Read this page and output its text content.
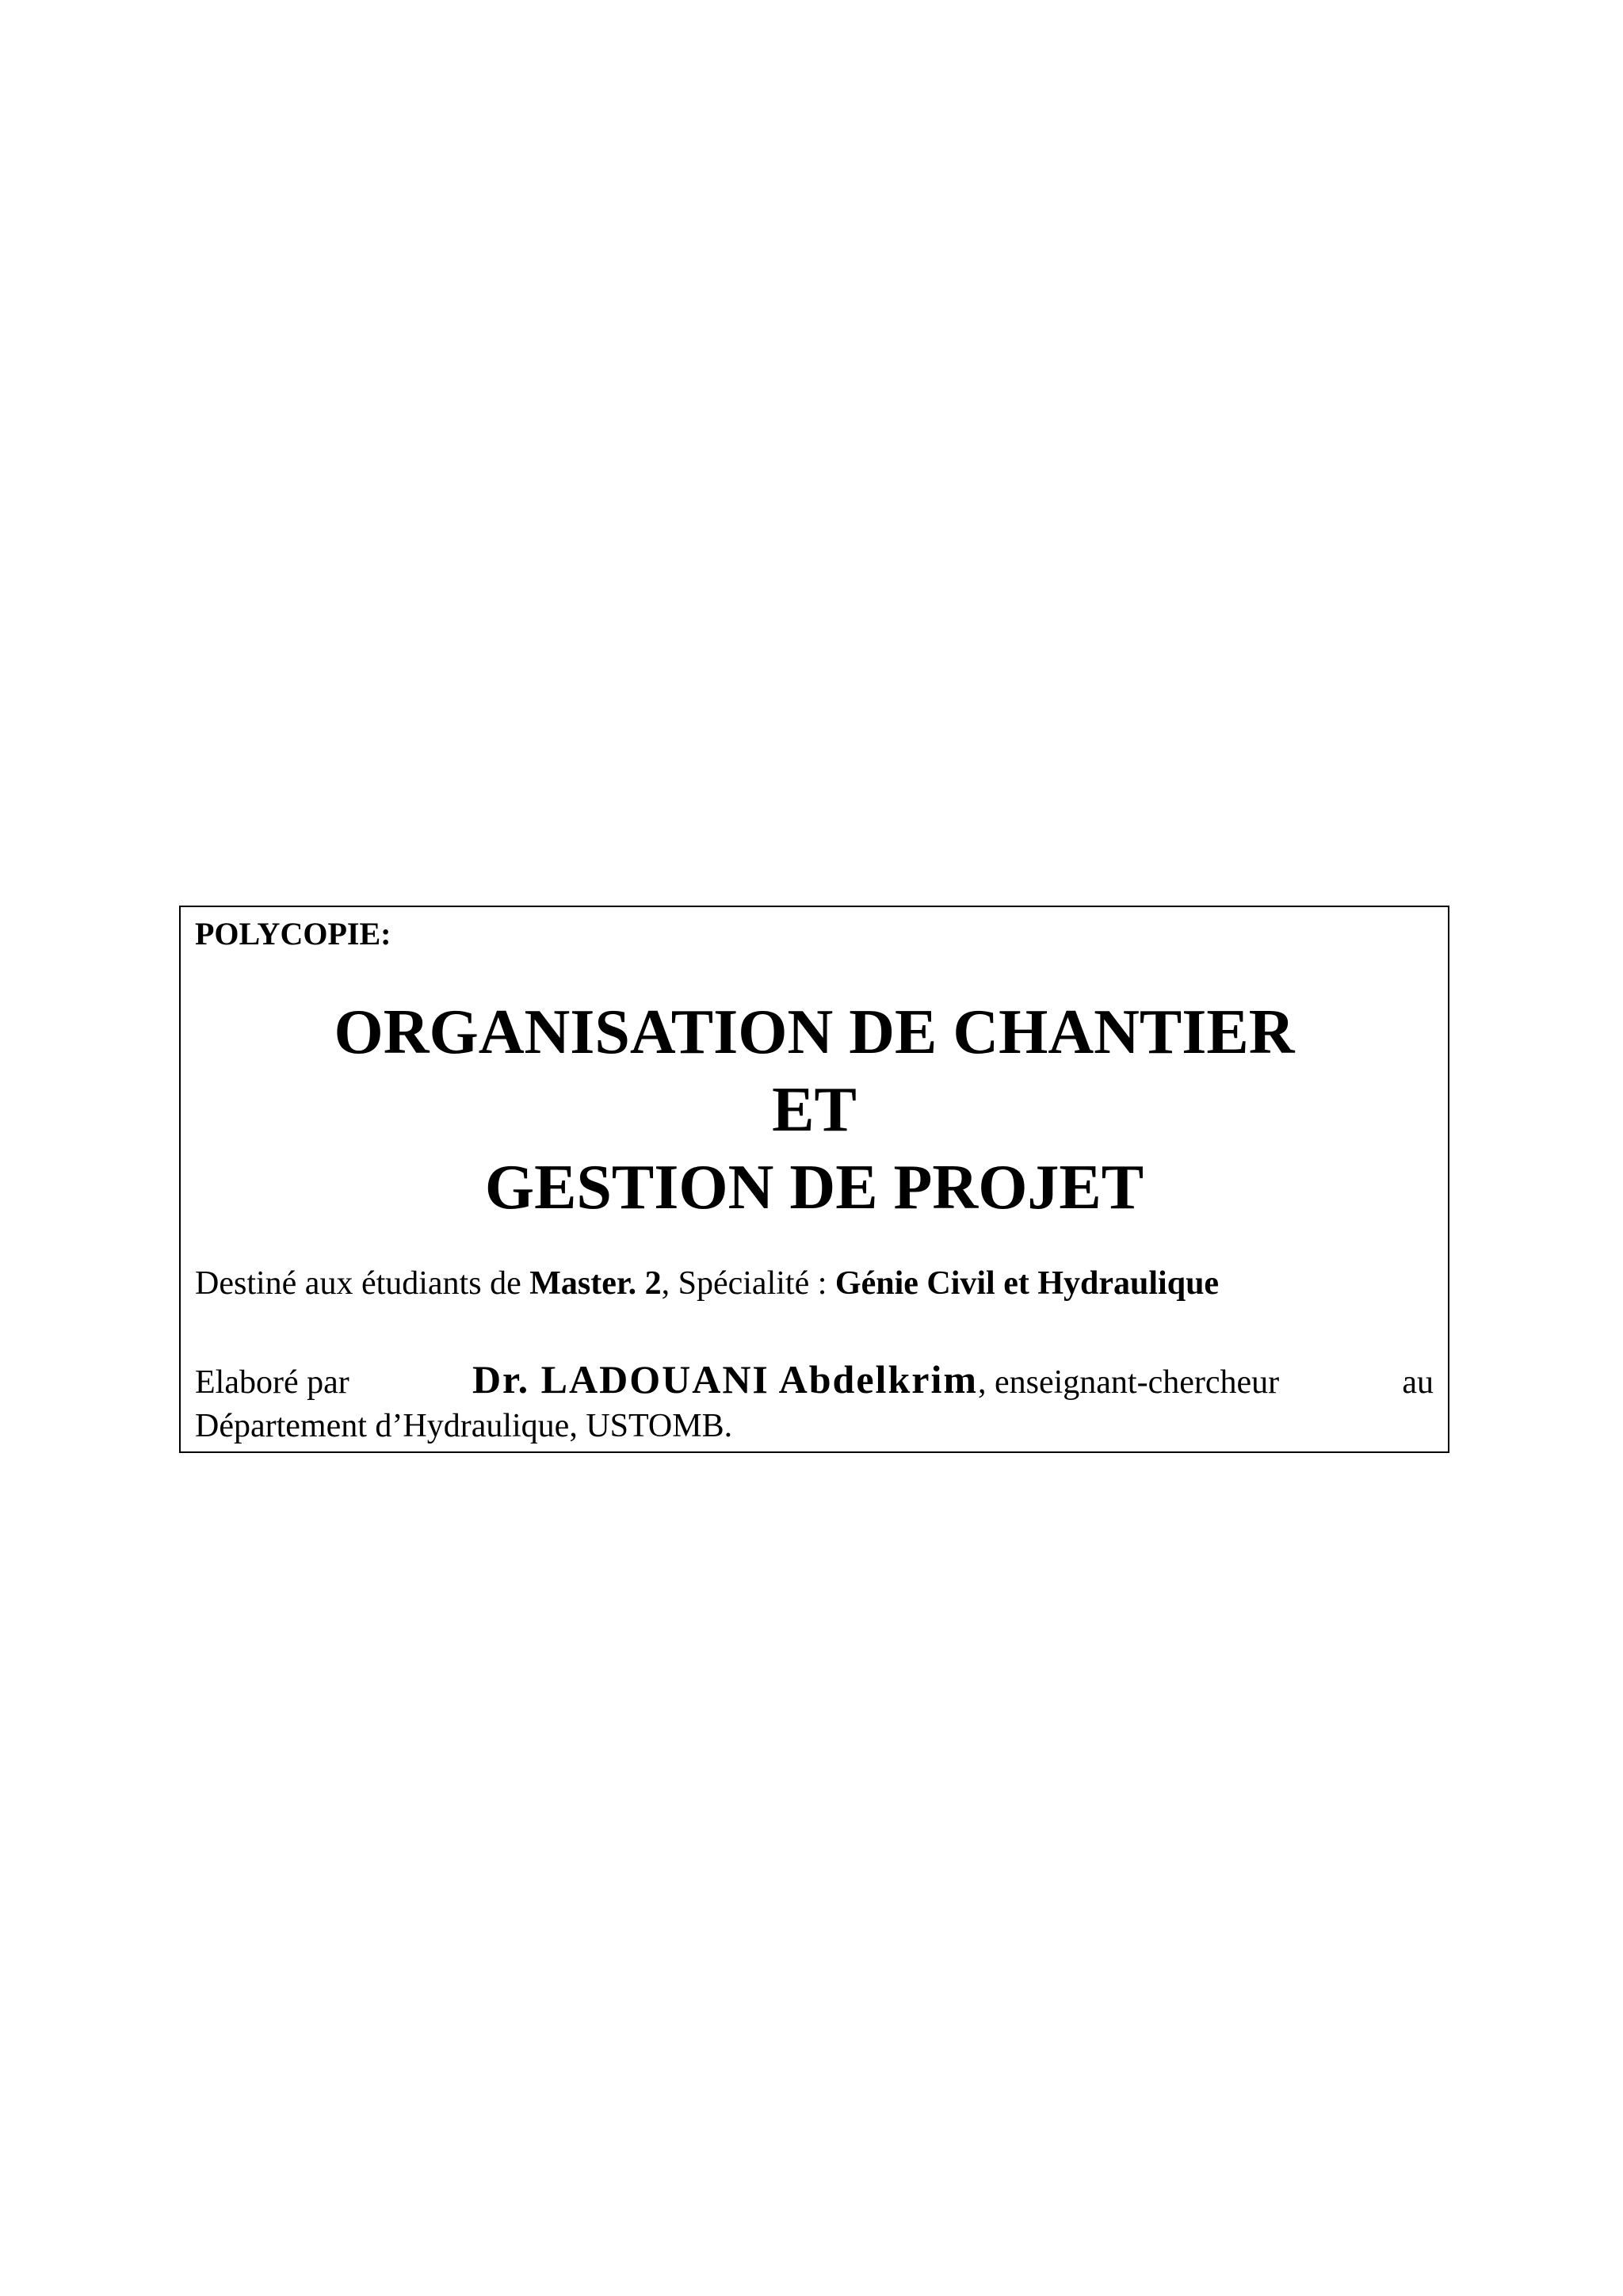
POLYCOPIE:
ORGANISATION DE CHANTIER
ET
GESTION DE PROJET
Destiné aux étudiants de Master. 2, Spécialité : Génie Civil et Hydraulique
Elaboré par	Dr. LADOUANI Abdelkrim, enseignant-chercheur	au
Département d’Hydraulique, USTOMB.
